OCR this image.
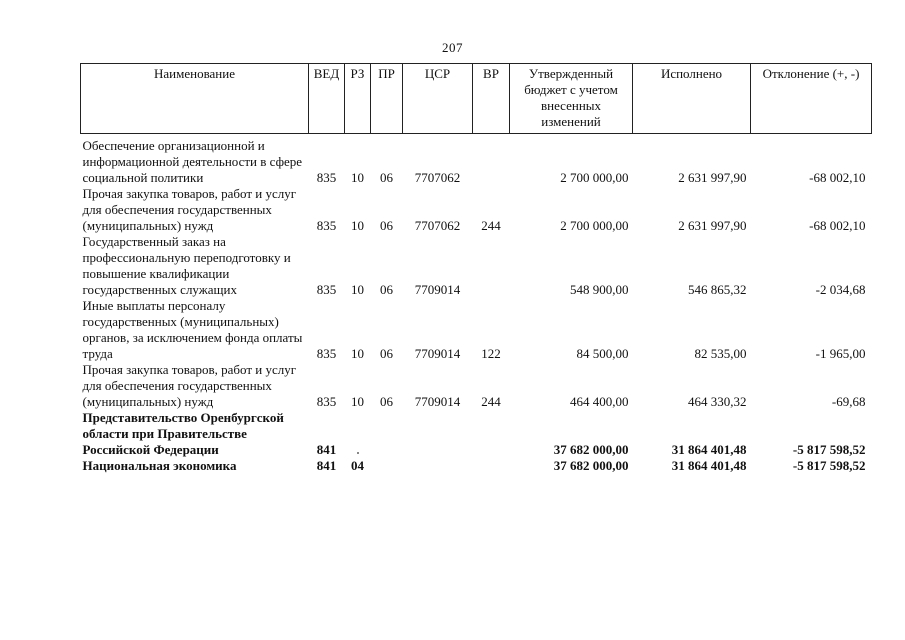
207
Наименование	ВЕД	РЗ	ПР	ЦСР	ВР	Утвержденный бюджет с учетом внесенных изменений	Исполнено	Отклонение (+, -)
Обеспечение организационной и информационной деятельности в сфере социальной политики	835	10	06	7707062		2 700 000,00	2 631 997,90	-68 002,10
Прочая закупка товаров, работ и услуг для обеспечения государственных (муниципальных) нужд	835	10	06	7707062	244	2 700 000,00	2 631 997,90	-68 002,10
Государственный заказ на профессиональную переподготовку и повышение квалификации государственных служащих	835	10	06	7709014		548 900,00	546 865,32	-2 034,68
Иные выплаты персоналу государственных (муниципальных) органов, за исключением фонда оплаты труда	835	10	06	7709014	122	84 500,00	82 535,00	-1 965,00
Прочая закупка товаров, работ и услуг для обеспечения государственных (муниципальных) нужд	835	10	06	7709014	244	464 400,00	464 330,32	-69,68
Представительство Оренбургской области при Правительстве Российской Федерации	841					37 682 000,00	31 864 401,48	-5 817 598,52
Национальная экономика	841	04				37 682 000,00	31 864 401,48	-5 817 598,52
